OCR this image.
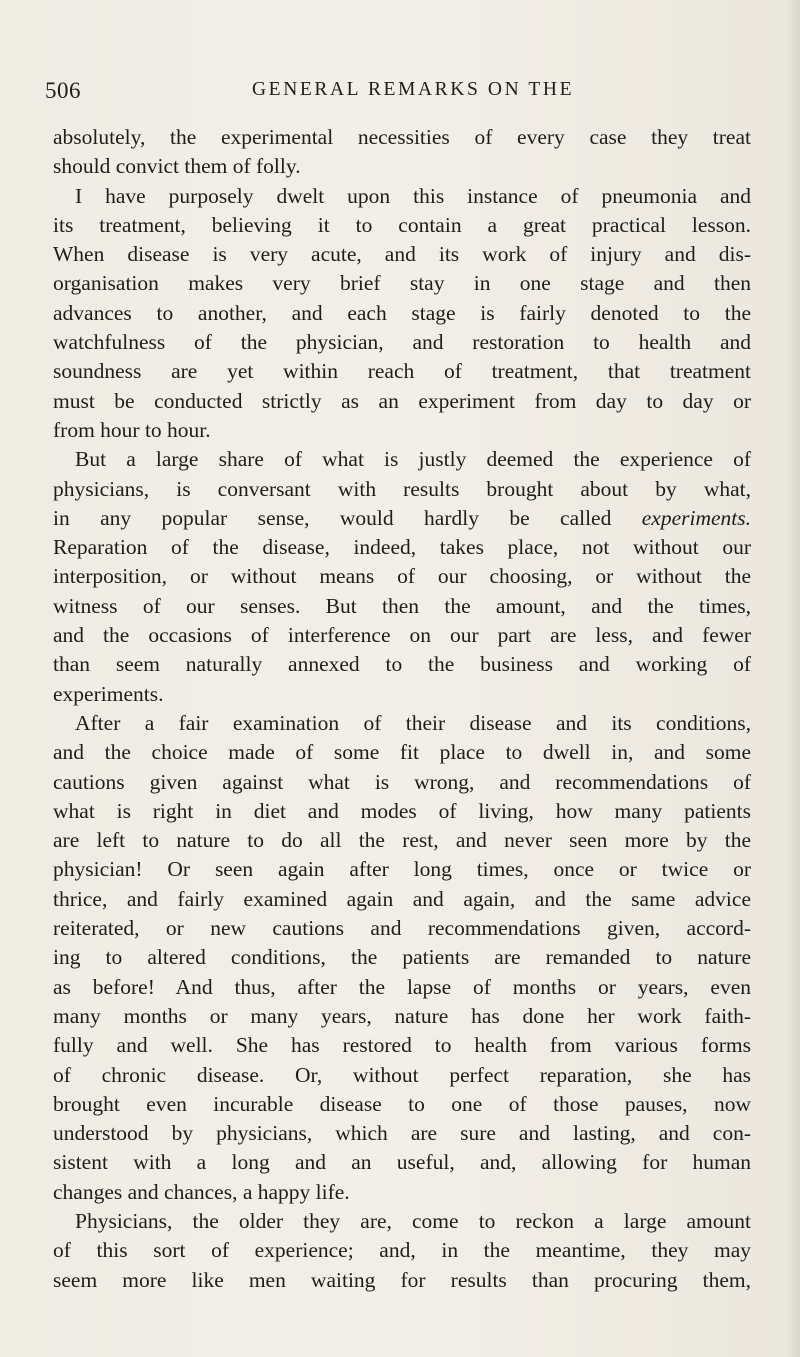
506	GENERAL REMARKS ON THE
absolutely, the experimental necessities of every case they treat
should convict them of folly.
I have purposely dwelt upon this instance of pneumonia and
its treatment, believing it to contain a great practical lesson.
When disease is very acute, and its work of injury and dis-
organisation makes very brief stay in one stage and then
advances to another, and each stage is fairly denoted to the
watchfulness of the physician, and restoration to health and
soundness are yet within reach of treatment, that treatment
must be conducted strictly as an experiment from day to day or
from hour to hour.
But a large share of what is justly deemed the experience of
physicians, is conversant with results brought about by what,
in any popular sense, would hardly be called experiments.
Reparation of the disease, indeed, takes place, not without our
interposition, or without means of our choosing, or without the
witness of our senses. But then the amount, and the times,
and the occasions of interference on our part are less, and fewer
than seem naturally annexed to the business and working of
experiments.
After a fair examination of their disease and its conditions,
and the choice made of some fit place to dwell in, and some
cautions given against what is wrong, and recommendations of
what is right in diet and modes of living, how many patients
are left to nature to do all the rest, and never seen more by the
physician! Or seen again after long times, once or twice or
thrice, and fairly examined again and again, and the same advice
reiterated, or new cautions and recommendations given, accord-
ing to altered conditions, the patients are remanded to nature
as before! And thus, after the lapse of months or years, even
many months or many years, nature has done her work faith-
fully and well. She has restored to health from various forms
of chronic disease. Or, without perfect reparation, she has
brought even incurable disease to one of those pauses, now
understood by physicians, which are sure and lasting, and con-
sistent with a long and an useful, and, allowing for human
changes and chances, a happy life.
Physicians, the older they are, come to reckon a large amount
of this sort of experience; and, in the meantime, they may
seem more like men waiting for results than procuring them,
